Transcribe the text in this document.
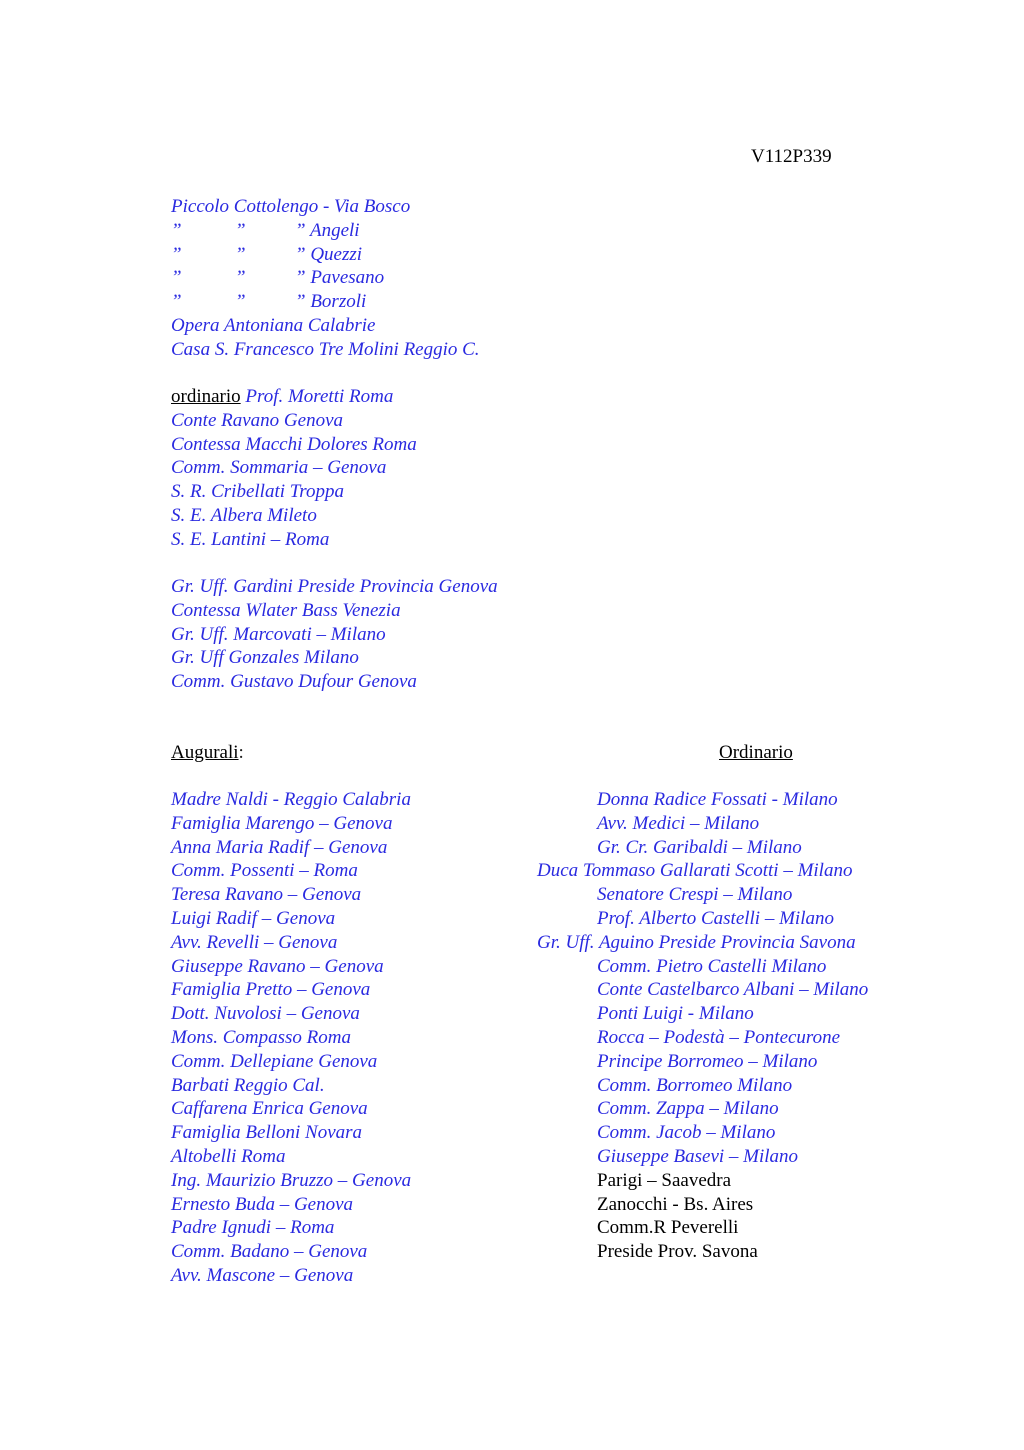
V112P339
Piccolo Cottolengo - Via Bosco
”	”	” Angeli
”	”	” Quezzi
”	”	” Pavesano
”	”	” Borzoli
Opera Antoniana Calabrie
Casa S. Francesco Tre Molini Reggio C.
ordinario Prof. Moretti Roma
Conte Ravano Genova
Contessa Macchi Dolores Roma
Comm. Sommaria – Genova
S. R. Cribellati Troppa
S. E. Albera Mileto
S. E. Lantini – Roma
Gr. Uff. Gardini Preside Provincia Genova
Contessa Wlater Bass Venezia
Gr. Uff. Marcovati – Milano
Gr. Uff Gonzales Milano
Comm. Gustavo Dufour Genova
Augurali:	Ordinario
Madre Naldi - Reggio Calabria
Famiglia Marengo – Genova
Anna Maria Radif – Genova
Comm. Possenti – Roma
Teresa Ravano – Genova
Luigi Radif – Genova
Avv. Revelli – Genova
Giuseppe Ravano – Genova
Famiglia Pretto – Genova
Dott. Nuvolosi – Genova
Mons. Compasso Roma
Comm. Dellepiane Genova
Barbati Reggio Cal.
Caffarena Enrica Genova
Famiglia Belloni Novara
Altobelli Roma
Ing. Maurizio Bruzzo – Genova
Ernesto Buda – Genova
Padre Ignudi – Roma
Comm. Badano – Genova
Avv. Mascone – Genova
Donna Radice Fossati - Milano
Avv. Medici – Milano
Gr. Cr. Garibaldi – Milano
Duca Tommaso Gallarati Scotti – Milano
Senatore Crespi – Milano
Prof. Alberto Castelli – Milano
Gr. Uff. Aguino Preside Provincia Savona
Comm. Pietro Castelli Milano
Conte Castelbarco Albani – Milano
Ponti Luigi - Milano
Rocca – Podestà – Pontecurone
Principe Borromeo – Milano
Comm. Borromeo Milano
Comm. Zappa – Milano
Comm. Jacob – Milano
Giuseppe Basevi – Milano
Parigi – Saavedra
Zanocchi - Bs. Aires
Comm.R Peverelli
Preside Prov. Savona
